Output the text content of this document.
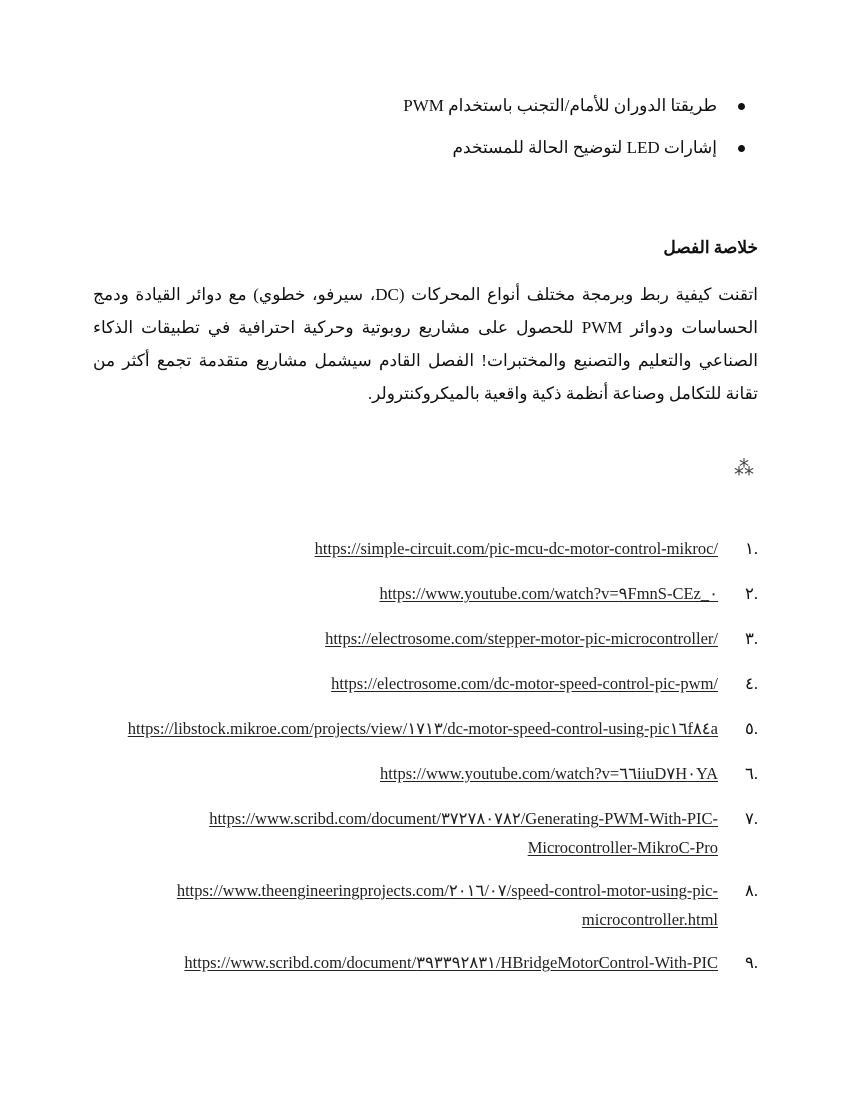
طريقتا الدوران للأمام/التجنب باستخدام PWM
إشارات LED لتوضيح الحالة للمستخدم
خلاصة الفصل
اتقنت كيفية ربط وبرمجة مختلف أنواع المحركات (DC، سيرفو، خطوي) مع دوائر القيادة ودمج الحساسات ودوائر PWM للحصول على مشاريع روبوتية وحركية احترافية في تطبيقات الذكاء الصناعي والتعليم والتصنيع والمختبرات! الفصل القادم سيشمل مشاريع متقدمة تجمع أكثر من تقانة للتكامل وصناعة أنظمة ذكية واقعية بالميكروكنترولر.
⁂
.١
https://simple-circuit.com/pic-mcu-dc-motor-control-mikroc/
.٢
https://www.youtube.com/watch?v=٩FmnS-CEz_٠
.٣
https://electrosome.com/stepper-motor-pic-microcontroller/
.٤
https://electrosome.com/dc-motor-speed-control-pic-pwm/
.٥
https://libstock.mikroe.com/projects/view/١٧١٣/dc-motor-speed-control-using-pic١٦f٨٤a
.٦
https://www.youtube.com/watch?v=٦٦iiuD٧H٠YA
.٧
https://www.scribd.com/document/٣٧٢٧٨٠٧٨٢/Generating-PWM-With-PIC-Microcontroller-MikroC-Pro
.٨
https://www.theengineeringprojects.com/٢٠١٦/٠٧/speed-control-motor-using-pic-microcontroller.html
.٩
https://www.scribd.com/document/٣٩٣٣٩٢٨٣١/HBridgeMotorControl-With-PIC
